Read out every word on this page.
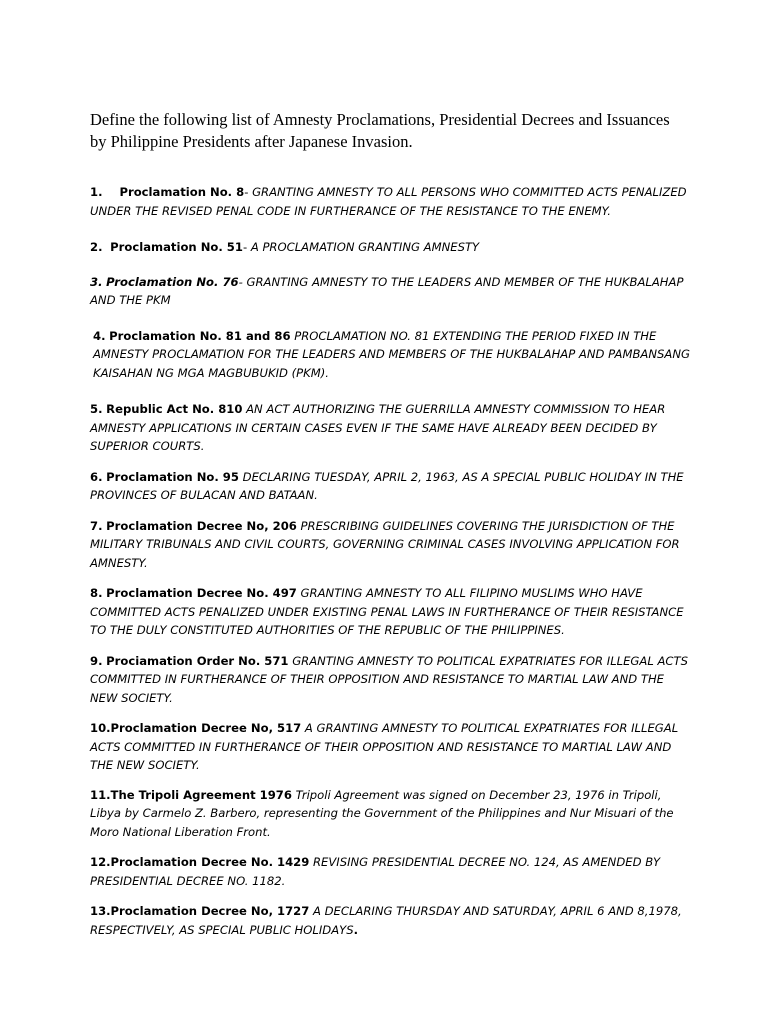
Define the following list of Amnesty Proclamations, Presidential Decrees and Issuances by Philippine Presidents after Japanese Invasion.

1. Proclamation No. 8- GRANTING AMNESTY TO ALL PERSONS WHO COMMITTED ACTS PENALIZED UNDER THE REVISED PENAL CODE IN FURTHERANCE OF THE RESISTANCE TO THE ENEMY.

2. Proclamation No. 51- A PROCLAMATION GRANTING AMNESTY

3. Proclamation No. 76- GRANTING AMNESTY TO THE LEADERS AND MEMBER OF THE HUKBALAHAP AND THE PKM

4. Proclamation No. 81 and 86 PROCLAMATION NO. 81 EXTENDING THE PERIOD FIXED IN THE AMNESTY PROCLAMATION FOR THE LEADERS AND MEMBERS OF THE HUKBALAHAP AND PAMBANSANG KAISAHAN NG MGA MAGBUBUKID (PKM).

5. Republic Act No. 810 AN ACT AUTHORIZING THE GUERRILLA AMNESTY COMMISSION TO HEAR AMNESTY APPLICATIONS IN CERTAIN CASES EVEN IF THE SAME HAVE ALREADY BEEN DECIDED BY SUPERIOR COURTS.

6. Proclamation No. 95 DECLARING TUESDAY, APRIL 2, 1963, AS A SPECIAL PUBLIC HOLIDAY IN THE PROVINCES OF BULACAN AND BATAAN.

7. Proclamation Decree No, 206 PRESCRIBING GUIDELINES COVERING THE JURISDICTION OF THE MILITARY TRIBUNALS AND CIVIL COURTS, GOVERNING CRIMINAL CASES INVOLVING APPLICATION FOR AMNESTY.

8. Proclamation Decree No. 497 GRANTING AMNESTY TO ALL FILIPINO MUSLIMS WHO HAVE COMMITTED ACTS PENALIZED UNDER EXISTING PENAL LAWS IN FURTHERANCE OF THEIR RESISTANCE TO THE DULY CONSTITUTED AUTHORITIES OF THE REPUBLIC OF THE PHILIPPINES.

9. Prociamation Order No. 571 GRANTING AMNESTY TO POLITICAL EXPATRIATES FOR ILLEGAL ACTS COMMITTED IN FURTHERANCE OF THEIR OPPOSITION AND RESISTANCE TO MARTIAL LAW AND THE NEW SOCIETY.

10.Proclamation Decree No, 517 A GRANTING AMNESTY TO POLITICAL EXPATRIATES FOR ILLEGAL ACTS COMMITTED IN FURTHERANCE OF THEIR OPPOSITION AND RESISTANCE TO MARTIAL LAW AND THE NEW SOCIETY.

11.The Tripoli Agreement 1976 Tripoli Agreement was signed on December 23, 1976 in Tripoli, Libya by Carmelo Z. Barbero, representing the Government of the Philippines and Nur Misuari of the Moro National Liberation Front.

12.Proclamation Decree No. 1429 REVISING PRESIDENTIAL DECREE NO. 124, AS AMENDED BY PRESIDENTIAL DECREE NO. 1182.

13.Proclamation Decree No, 1727 A DECLARING THURSDAY AND SATURDAY, APRIL 6 AND 8,1978, RESPECTIVELY, AS SPECIAL PUBLIC HOLIDAYS.
